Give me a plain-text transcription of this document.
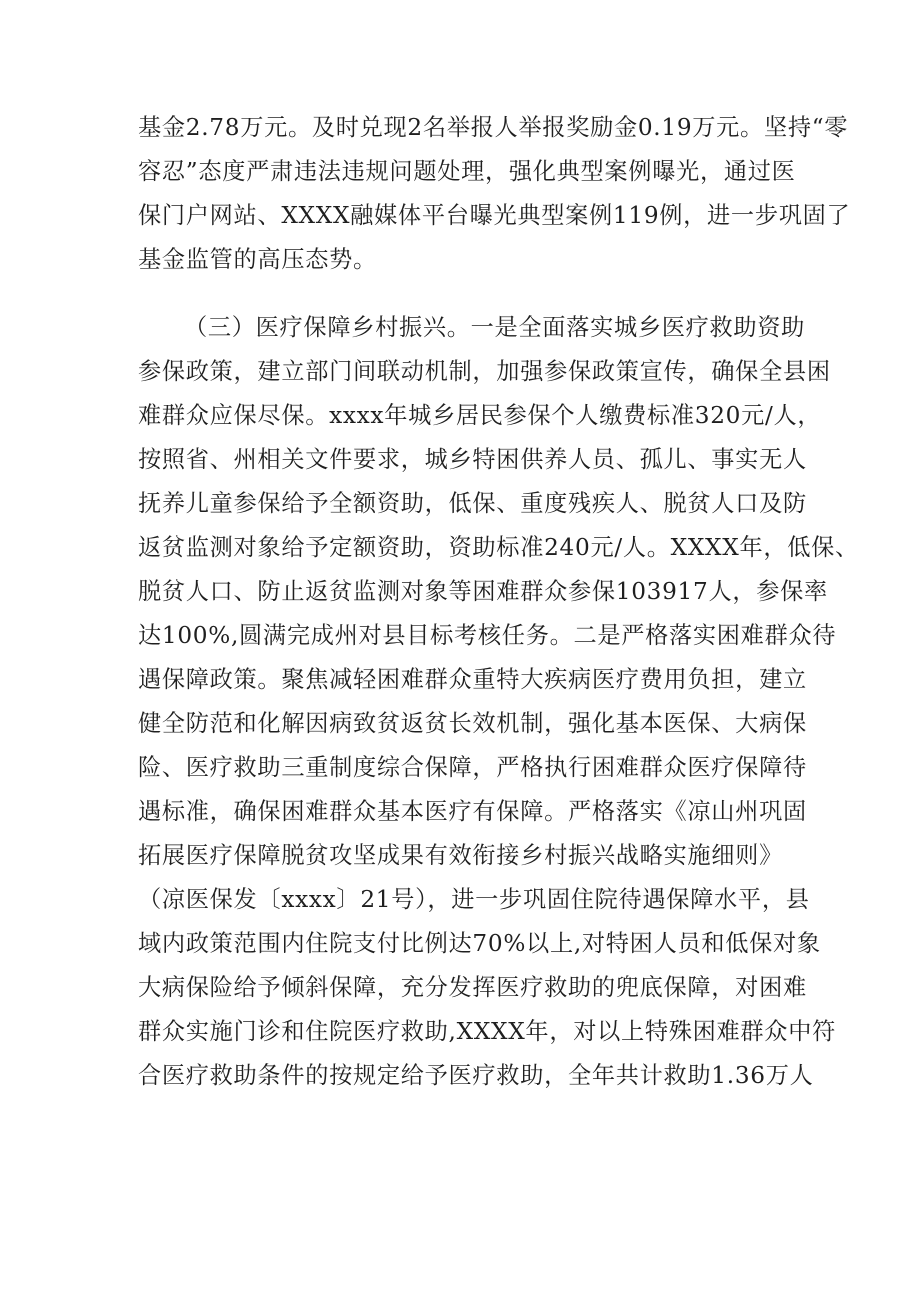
基金2.78万元。及时兑现2名举报人举报奖励金0.19万元。坚持“零
容忍”态度严肃违法违规问题处理，强化典型案例曝光，通过医
保门户网站、XXXX融媒体平台曝光典型案例119例，进一步巩固了
基金监管的高压态势。
（三）医疗保障乡村振兴。一是全面落实城乡医疗救助资助
参保政策，建立部门间联动机制，加强参保政策宣传，确保全县困
难群众应保尽保。xxxx年城乡居民参保个人缴费标准320元/人，
按照省、州相关文件要求，城乡特困供养人员、孤儿、事实无人
抚养儿童参保给予全额资助，低保、重度残疾人、脱贫人口及防
返贫监测对象给予定额资助，资助标准240元/人。XXXX年，低保、
脱贫人口、防止返贫监测对象等困难群众参保103917人，参保率
达100%,圆满完成州对县目标考核任务。二是严格落实困难群众待
遇保障政策。聚焦减轻困难群众重特大疾病医疗费用负担，建立
健全防范和化解因病致贫返贫长效机制，强化基本医保、大病保
险、医疗救助三重制度综合保障，严格执行困难群众医疗保障待
遇标准，确保困难群众基本医疗有保障。严格落实《凉山州巩固
拓展医疗保障脱贫攻坚成果有效衔接乡村振兴战略实施细则》
（凉医保发〔xxxx〕21号），进一步巩固住院待遇保障水平，县
域内政策范围内住院支付比例达70%以上,对特困人员和低保对象
大病保险给予倾斜保障，充分发挥医疗救助的兜底保障，对困难
群众实施门诊和住院医疗救助,XXXX年，对以上特殊困难群众中符
合医疗救助条件的按规定给予医疗救助，全年共计救助1.36万人
